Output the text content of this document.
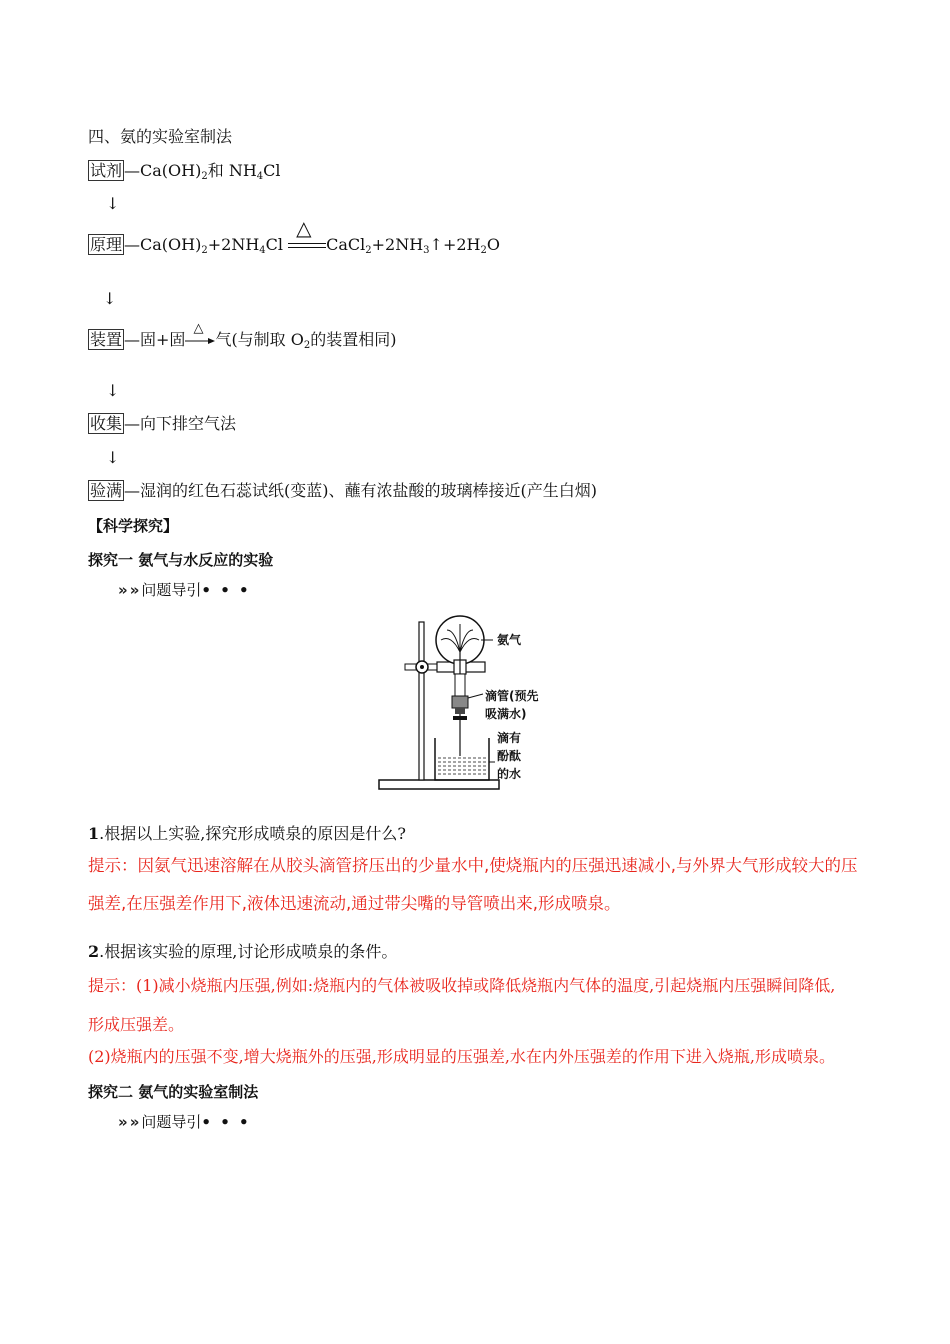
四、氨的实验室制法
试剂 $—Ca(OH)_2$和 $NH_4Cl$
↓
原理 $—Ca(OH)_2+2NH_4Cl$
△
$CaCl_2+2NH_3↑+2H_2O$
↓
装置 —固+固
△
气(与制取 $O_2$的装置相同)
↓
收集 —向下排空气法
↓
验满 —湿润的红色石蕊试纸(变蓝)、蘸有浓盐酸的玻璃棒接近(产生白烟)
【科学探究】
探究一 氨气与水反应的实验
» » 问题导引• • •
氨气
滴管(预先
吸满水)
滴有
酚酞
的水
1.根据以上实验,探究形成喷泉的原因是什么?
提示：因氨气迅速溶解在从胶头滴管挤压出的少量水中,使烧瓶内的压强迅速减小,与外界大气形成较大的压
强差,在压强差作用下,液体迅速流动,通过带尖嘴的导管喷出来,形成喷泉。
2.根据该实验的原理,讨论形成喷泉的条件。
提示：(1)减小烧瓶内压强,例如:烧瓶内的气体被吸收掉或降低烧瓶内气体的温度,引起烧瓶内压强瞬间降低,
形成压强差。
(2)烧瓶内的压强不变,增大烧瓶外的压强,形成明显的压强差,水在内外压强差的作用下进入烧瓶,形成喷泉。
探究二 氨气的实验室制法
» » 问题导引• • •
